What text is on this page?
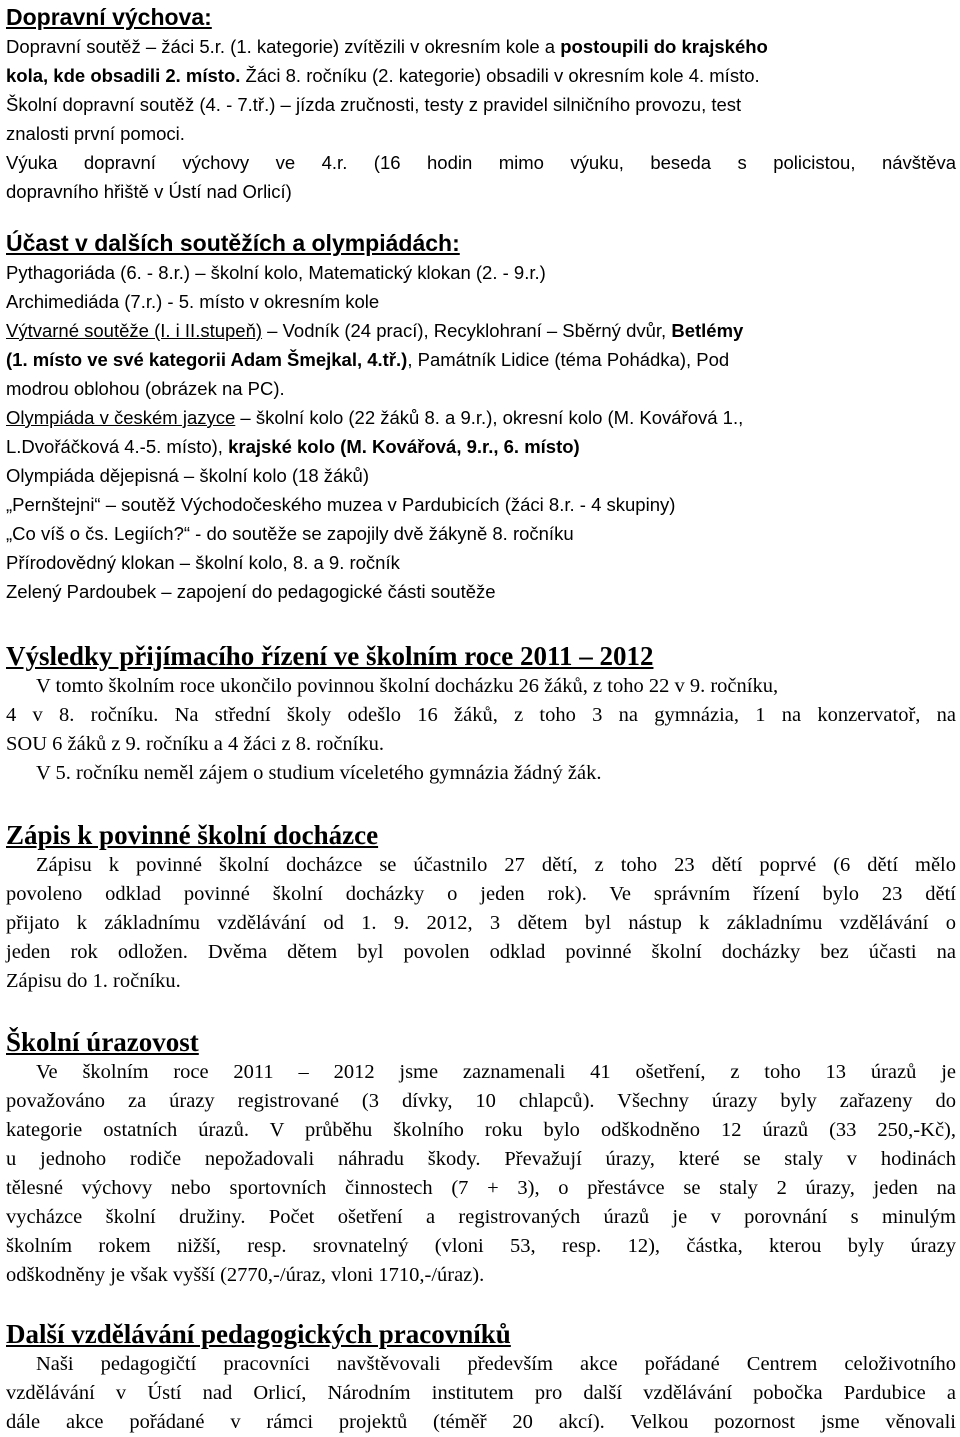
Dopravní výchova:
Dopravní soutěž – žáci 5.r. (1. kategorie) zvítězili v okresním kole a postoupili do krajského
kola, kde obsadili 2. místo. Žáci 8. ročníku (2. kategorie) obsadili v okresním kole 4. místo.
Školní dopravní soutěž (4. - 7.tř.) – jízda zručnosti, testy z pravidel silničního provozu, test
znalosti první pomoci.
Výuka dopravní výchovy ve 4.r. (16 hodin mimo výuku, beseda s policistou, návštěva
dopravního hřiště v Ústí nad Orlicí)
Účast v dalších soutěžích a olympiádách:
Pythagoriáda (6. - 8.r.) – školní kolo, Matematický klokan (2. - 9.r.)
Archimediáda (7.r.) - 5. místo v okresním kole
Výtvarné soutěže (I. i II.stupeň) – Vodník (24 prací), Recyklohraní – Sběrný dvůr, Betlémy
(1. místo ve své kategorii Adam Šmejkal, 4.tř.), Památník Lidice (téma Pohádka), Pod
modrou oblohou (obrázek na PC).
Olympiáda v českém jazyce – školní kolo (22 žáků 8. a 9.r.), okresní kolo (M. Kovářová 1.,
L.Dvořáčková 4.-5. místo), krajské kolo (M. Kovářová, 9.r., 6. místo)
Olympiáda dějepisná – školní kolo (18 žáků)
„Pernštejni“ – soutěž Východočeského muzea v Pardubicích (žáci 8.r. - 4 skupiny)
„Co víš o čs. Legiích?“ - do soutěže se zapojily dvě žákyně 8. ročníku
Přírodovědný klokan – školní kolo, 8. a 9. ročník
Zelený Pardoubek – zapojení do pedagogické části soutěže
Výsledky přijímacího řízení ve školním roce 2011 – 2012
V tomto školním roce ukončilo povinnou školní docházku 26 žáků, z toho 22 v 9. ročníku,
4 v 8. ročníku. Na střední školy odešlo 16 žáků, z toho 3 na gymnázia, 1 na konzervatoř, na
SOU 6 žáků z 9. ročníku a 4 žáci z 8. ročníku.
V 5. ročníku neměl zájem o studium víceletého gymnázia žádný žák.
Zápis k povinné školní docházce
Zápisu k povinné školní docházce se účastnilo 27 dětí, z toho 23 dětí poprvé (6 dětí mělo
povoleno odklad povinné školní docházky o jeden rok). Ve správním řízení bylo 23 dětí
přijato k základnímu vzdělávání od 1. 9. 2012, 3 dětem byl nástup k základnímu vzdělávání o
jeden rok odložen. Dvěma dětem byl povolen odklad povinné školní docházky bez účasti na
Zápisu do 1. ročníku.
Školní úrazovost
Ve školním roce 2011 – 2012 jsme zaznamenali 41 ošetření, z toho 13 úrazů je
považováno za úrazy registrované (3 dívky, 10 chlapců). Všechny úrazy byly zařazeny do
kategorie ostatních úrazů. V průběhu školního roku bylo odškodněno 12 úrazů (33 250,-Kč),
u jednoho rodiče nepožadovali náhradu škody. Převažují úrazy, které se staly v hodinách
tělesné výchovy nebo sportovních činnostech (7 + 3), o přestávce se staly 2 úrazy, jeden na
vycházce školní družiny. Počet ošetření a registrovaných úrazů je v porovnání s minulým
školním rokem nižší, resp. srovnatelný (vloni 53, resp. 12), částka, kterou byly úrazy
odškodněny je však vyšší (2770,-/úraz, vloni 1710,-/úraz).
Další vzdělávání pedagogických pracovníků
Naši pedagogičtí pracovníci navštěvovali především akce pořádané Centrem celoživotního
vzdělávání v Ústí nad Orlicí, Národním institutem pro další vzdělávání pobočka Pardubice a
dále akce pořádané v rámci projektů (téměř 20 akcí). Velkou pozornost jsme věnovali
